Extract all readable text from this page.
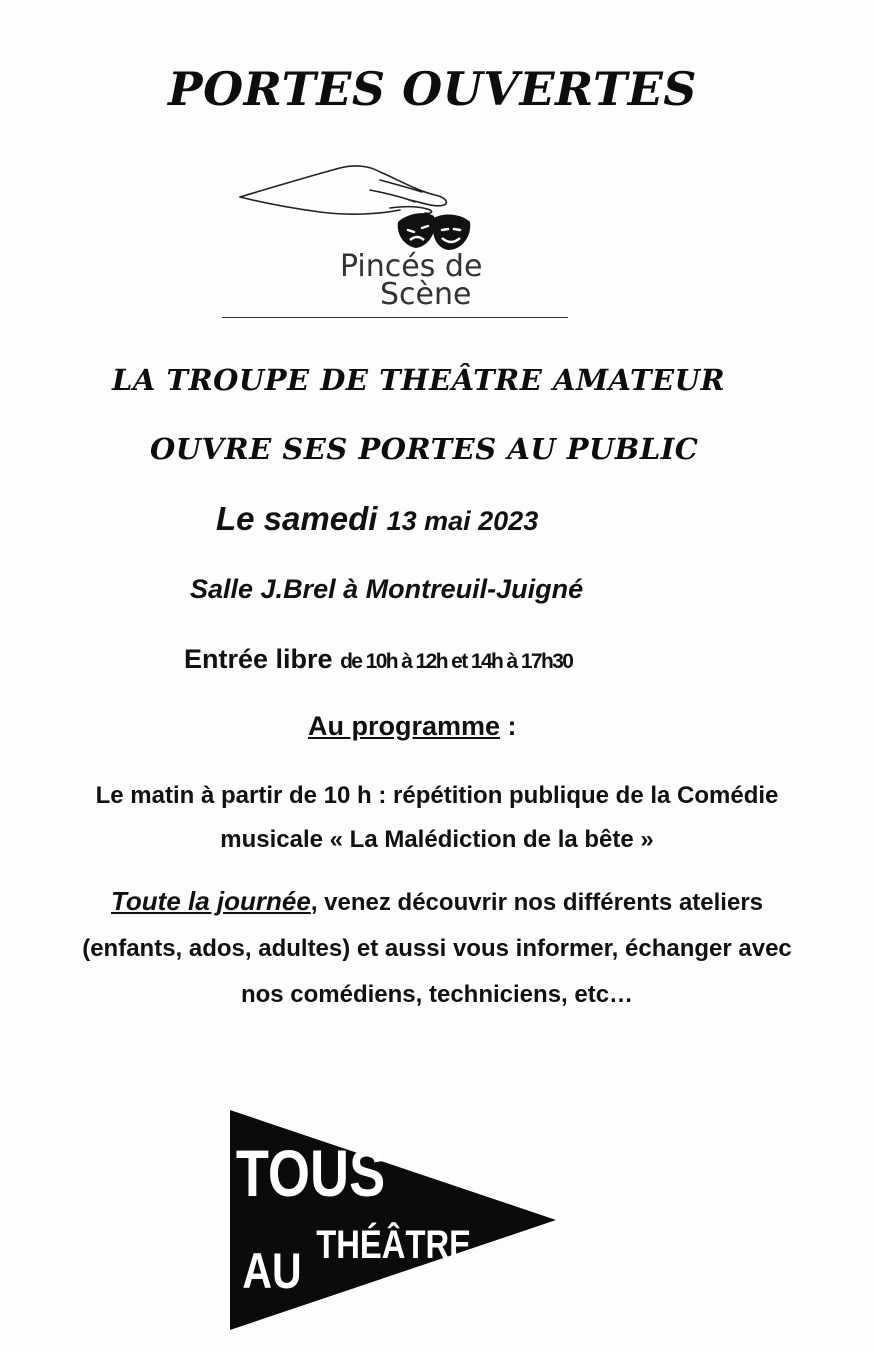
PORTES OUVERTES
Pincés de
Scène
LA TROUPE DE THEÂTRE AMATEUR
OUVRE SES PORTES AU PUBLIC
Le samedi 13 mai 2023
Salle J.Brel à Montreuil-Juigné
Entrée libre de 10h à 12h et 14h à 17h30
Au programme :
Le matin à partir de 10 h : répétition publique de la Comédie
musicale « La Malédiction de la bête »
Toute la journée, venez découvrir nos différents ateliers
(enfants, ados, adultes) et aussi vous informer, échanger avec
nos comédiens, techniciens, etc…
TOUS
AU THÉÂTRE
